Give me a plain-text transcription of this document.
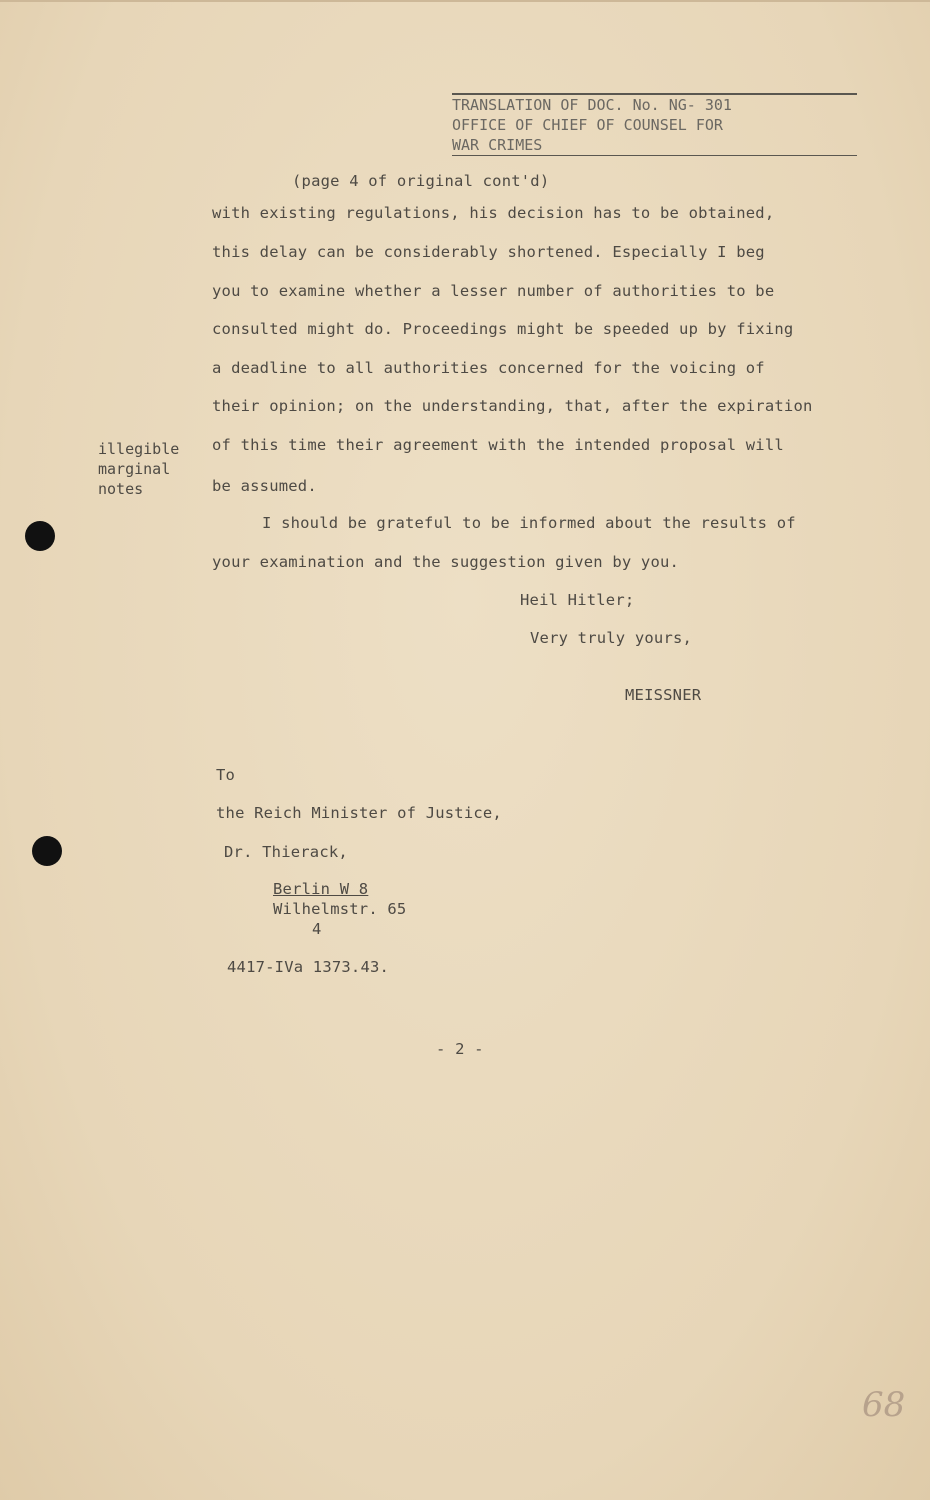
TRANSLATION OF DOC. No. NG- 301
OFFICE OF CHIEF OF COUNSEL FOR
WAR CRIMES
(page 4 of original cont'd)
with existing regulations, his decision has to be obtained,
this delay can be considerably shortened. Especially I beg
you to examine whether a lesser number of authorities to be
consulted might do. Proceedings might be speeded up by fixing
a deadline to all authorities concerned for the voicing of
their opinion; on the understanding, that, after the expiration
of this time their agreement with the intended proposal will
be assumed.
illegible
marginal
notes
I should be grateful to be informed about the results of
your examination and the suggestion given by you.
Heil Hitler;
Very truly yours,
MEISSNER
To
the Reich Minister of Justice,
Dr. Thierack,
Berlin W 8
Wilhelmstr. 65
4
4417-IVa 1373.43.
- 2 -
68
